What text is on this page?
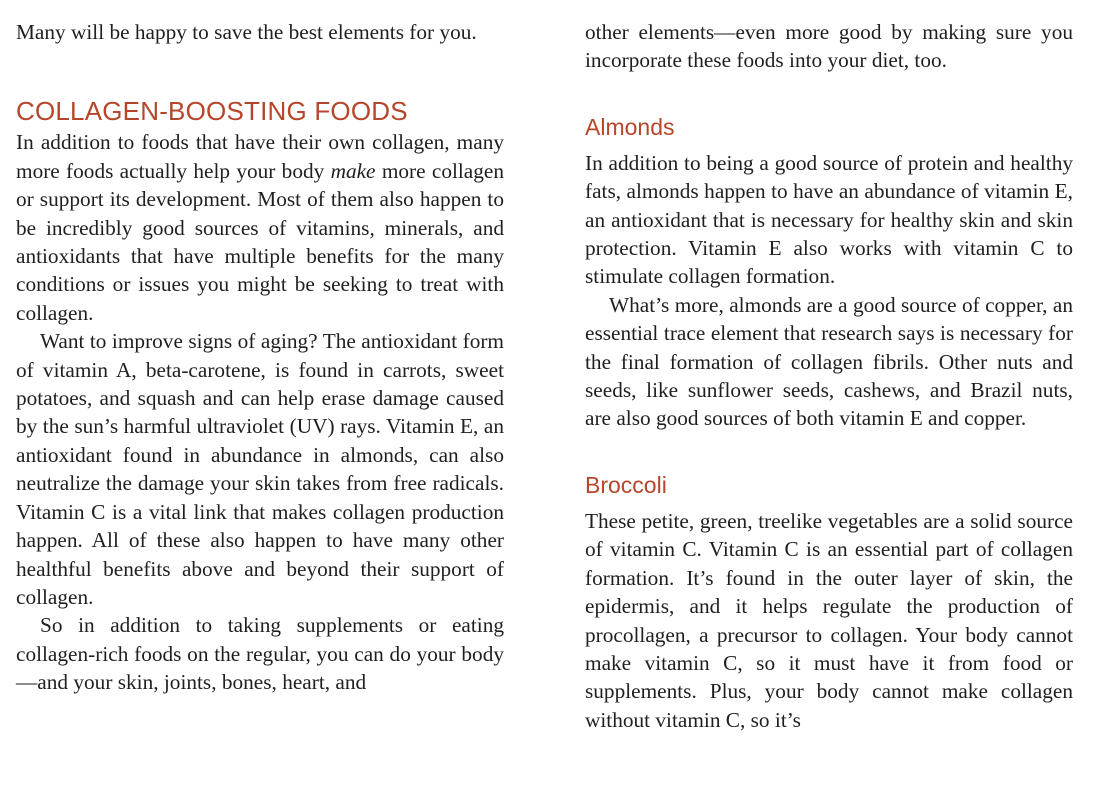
Many will be happy to save the best elements for you.

COLLAGEN-BOOSTING FOODS

In addition to foods that have their own collagen, many more foods actually help your body make more collagen or support its development. Most of them also happen to be incredibly good sources of vitamins, minerals, and antioxidants that have multiple benefits for the many conditions or issues you might be seeking to treat with collagen.

Want to improve signs of aging? The antioxidant form of vitamin A, beta-carotene, is found in carrots, sweet potatoes, and squash and can help erase damage caused by the sun’s harmful ultraviolet (UV) rays. Vitamin E, an antioxidant found in abundance in almonds, can also neutralize the damage your skin takes from free radicals. Vitamin C is a vital link that makes collagen production happen. All of these also happen to have many other healthful benefits above and beyond their support of collagen.

So in addition to taking supplements or eating collagen-rich foods on the regular, you can do your body—and your skin, joints, bones, heart, and

other elements—even more good by making sure you incorporate these foods into your diet, too.

Almonds

In addition to being a good source of protein and healthy fats, almonds happen to have an abundance of vitamin E, an antioxidant that is necessary for healthy skin and skin protection. Vitamin E also works with vitamin C to stimulate collagen formation.

What’s more, almonds are a good source of copper, an essential trace element that research says is necessary for the final formation of collagen fibrils. Other nuts and seeds, like sunflower seeds, cashews, and Brazil nuts, are also good sources of both vitamin E and copper.

Broccoli

These petite, green, treelike vegetables are a solid source of vitamin C. Vitamin C is an essential part of collagen formation. It’s found in the outer layer of skin, the epidermis, and it helps regulate the production of procollagen, a precursor to collagen. Your body cannot make vitamin C, so it must have it from food or supplements. Plus, your body cannot make collagen without vitamin C, so it’s
